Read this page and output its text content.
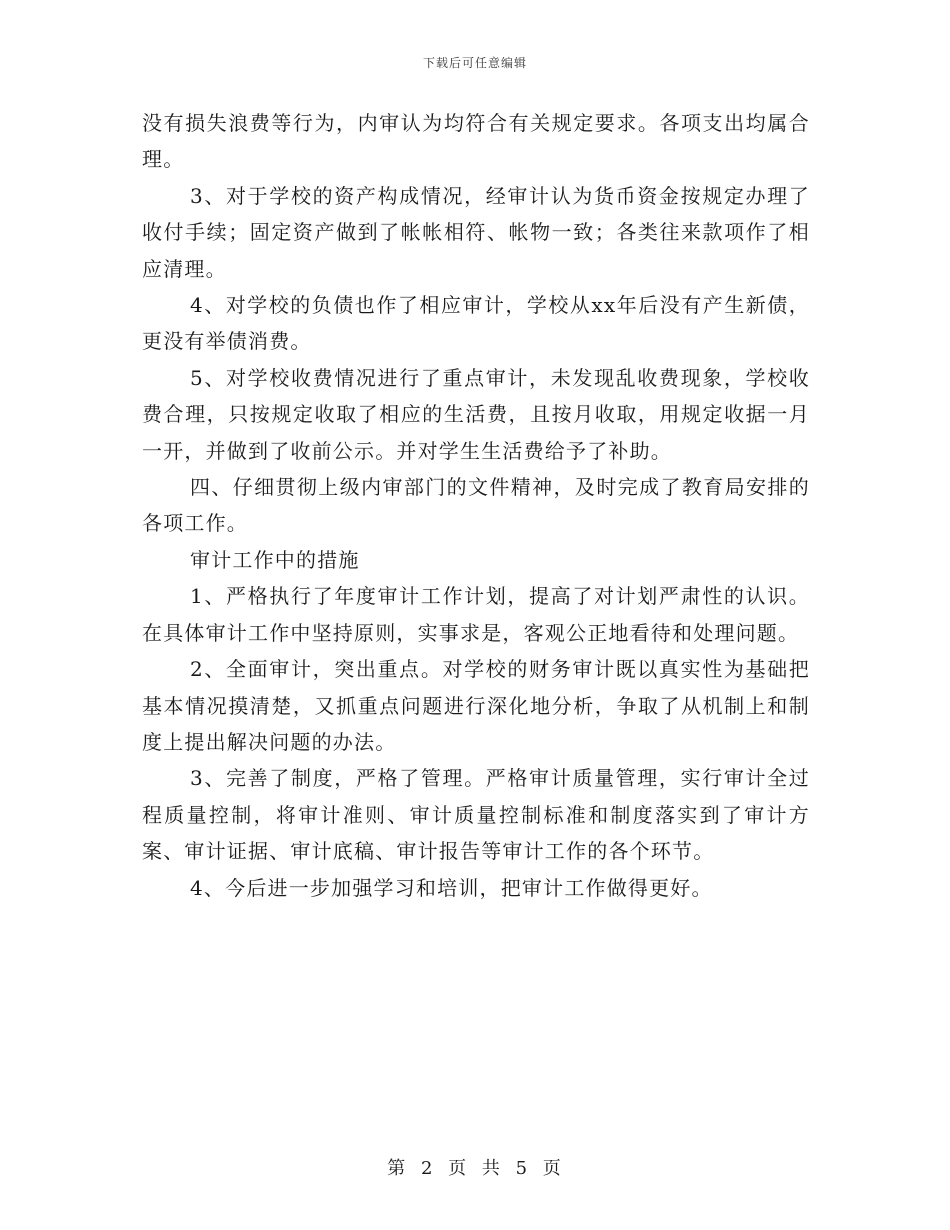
下载后可任意编辑

没有损失浪费等行为，内审认为均符合有关规定要求。各项支出均属合理。

3、对于学校的资产构成情况，经审计认为货币资金按规定办理了收付手续；固定资产做到了帐帐相符、帐物一致；各类往来款项作了相应清理。

4、对学校的负债也作了相应审计，学校从xx年后没有产生新债，更没有举债消费。

5、对学校收费情况进行了重点审计，未发现乱收费现象，学校收费合理，只按规定收取了相应的生活费，且按月收取，用规定收据一月一开，并做到了收前公示。并对学生生活费给予了补助。

四、仔细贯彻上级内审部门的文件精神，及时完成了教育局安排的各项工作。

审计工作中的措施

1、严格执行了年度审计工作计划，提高了对计划严肃性的认识。在具体审计工作中坚持原则，实事求是，客观公正地看待和处理问题。

2、全面审计，突出重点。对学校的财务审计既以真实性为基础把基本情况摸清楚，又抓重点问题进行深化地分析，争取了从机制上和制度上提出解决问题的办法。

3、完善了制度，严格了管理。严格审计质量管理，实行审计全过程质量控制，将审计准则、审计质量控制标准和制度落实到了审计方案、审计证据、审计底稿、审计报告等审计工作的各个环节。

4、今后进一步加强学习和培训，把审计工作做得更好。

第 2 页 共 5 页
